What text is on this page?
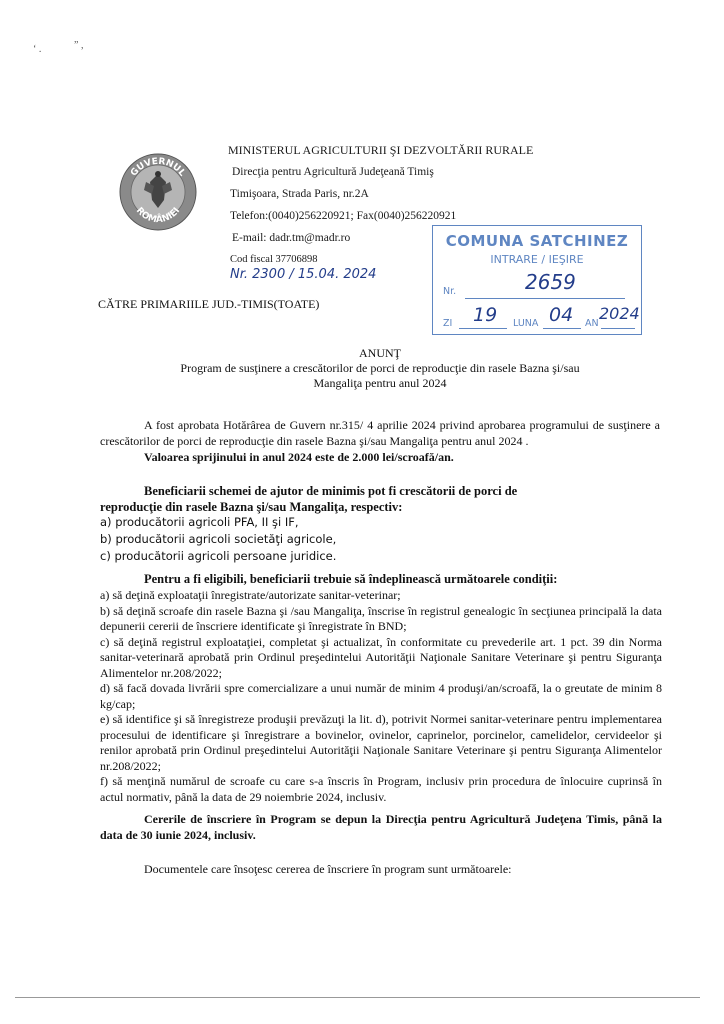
‘ .	” ,
GUVERNUL
ROMÂNIEI
MINISTERUL AGRICULTURII ŞI DEZVOLTĂRII RURALE
Direcţia pentru Agricultură Judeţeană Timiş
Timişoara, Strada Paris, nr.2A
Telefon:(0040)256220921; Fax(0040)256220921
E-mail: dadr.tm@madr.ro
Cod fiscal 37706898
Nr. 2300 / 15.04. 2024
COMUNA SATCHINEZ
INTRARE / IEŞIRE
Nr.	2659
ZI 19 LUNA 04 AN
2024
CĂTRE PRIMARIILE JUD.-TIMIS(TOATE)
ANUNŢ
Program de susţinere a crescătorilor de porci de reproducţie din rasele Bazna şi/sau
Mangaliţa pentru anul 2024
A fost aprobata Hotărârea de Guvern nr.315/ 4 aprilie 2024 privind aprobarea programului de susţinere a crescătorilor de porci de reproducţie din rasele Bazna şi/sau Mangaliţa pentru anul 2024 .
Valoarea sprijinului in anul 2024 este de 2.000 lei/scroafă/an.
Beneficiarii schemei de ajutor de minimis pot fi crescătorii de porci de
reproducţie din rasele Bazna şi/sau Mangaliţa, respectiv:
a) producătorii agricoli PFA, II şi IF,
b) producătorii agricoli societăţi agricole,
c) producătorii agricoli persoane juridice.
Pentru a fi eligibili, beneficiarii trebuie să îndeplinească următoarele condiţii:
a) să deţină exploataţii înregistrate/autorizate sanitar-veterinar;
b) să deţină scroafe din rasele Bazna şi /sau Mangaliţa, înscrise în registrul genealogic în secţiunea principală la data depunerii cererii de înscriere identificate şi înregistrate în BND;
c) să deţină registrul exploataţiei, completat şi actualizat, în conformitate cu prevederile art. 1 pct. 39 din Norma sanitar-veterinară aprobată prin Ordinul preşedintelui Autorităţii Naţionale Sanitare Veterinare şi pentru Siguranţa Alimentelor nr.208/2022;
d) să facă dovada livrării spre comercializare a unui număr de minim 4 produşi/an/scroafă, la o greutate de minim 8 kg/cap;
e) să identifice şi să înregistreze produşii prevăzuţi la lit. d), potrivit Normei sanitar-veterinare pentru implementarea procesului de identificare şi înregistrare a bovinelor, ovinelor, caprinelor, porcinelor, camelidelor, cervideelor şi renilor aprobată prin Ordinul preşedintelui Autorităţii Naţionale Sanitare Veterinare şi pentru Siguranţa Alimentelor nr.208/2022;
f) să menţină numărul de scroafe cu care s-a înscris în Program, inclusiv prin procedura de înlocuire cuprinsă în actul normativ, până la data de 29 noiembrie 2024, inclusiv.
Cererile de înscriere în Program se depun la Direcţia pentru Agricultură Judeţena Timis, până la data de 30 iunie 2024, inclusiv.
Documentele care însoţesc cererea de înscriere în program sunt următoarele:
